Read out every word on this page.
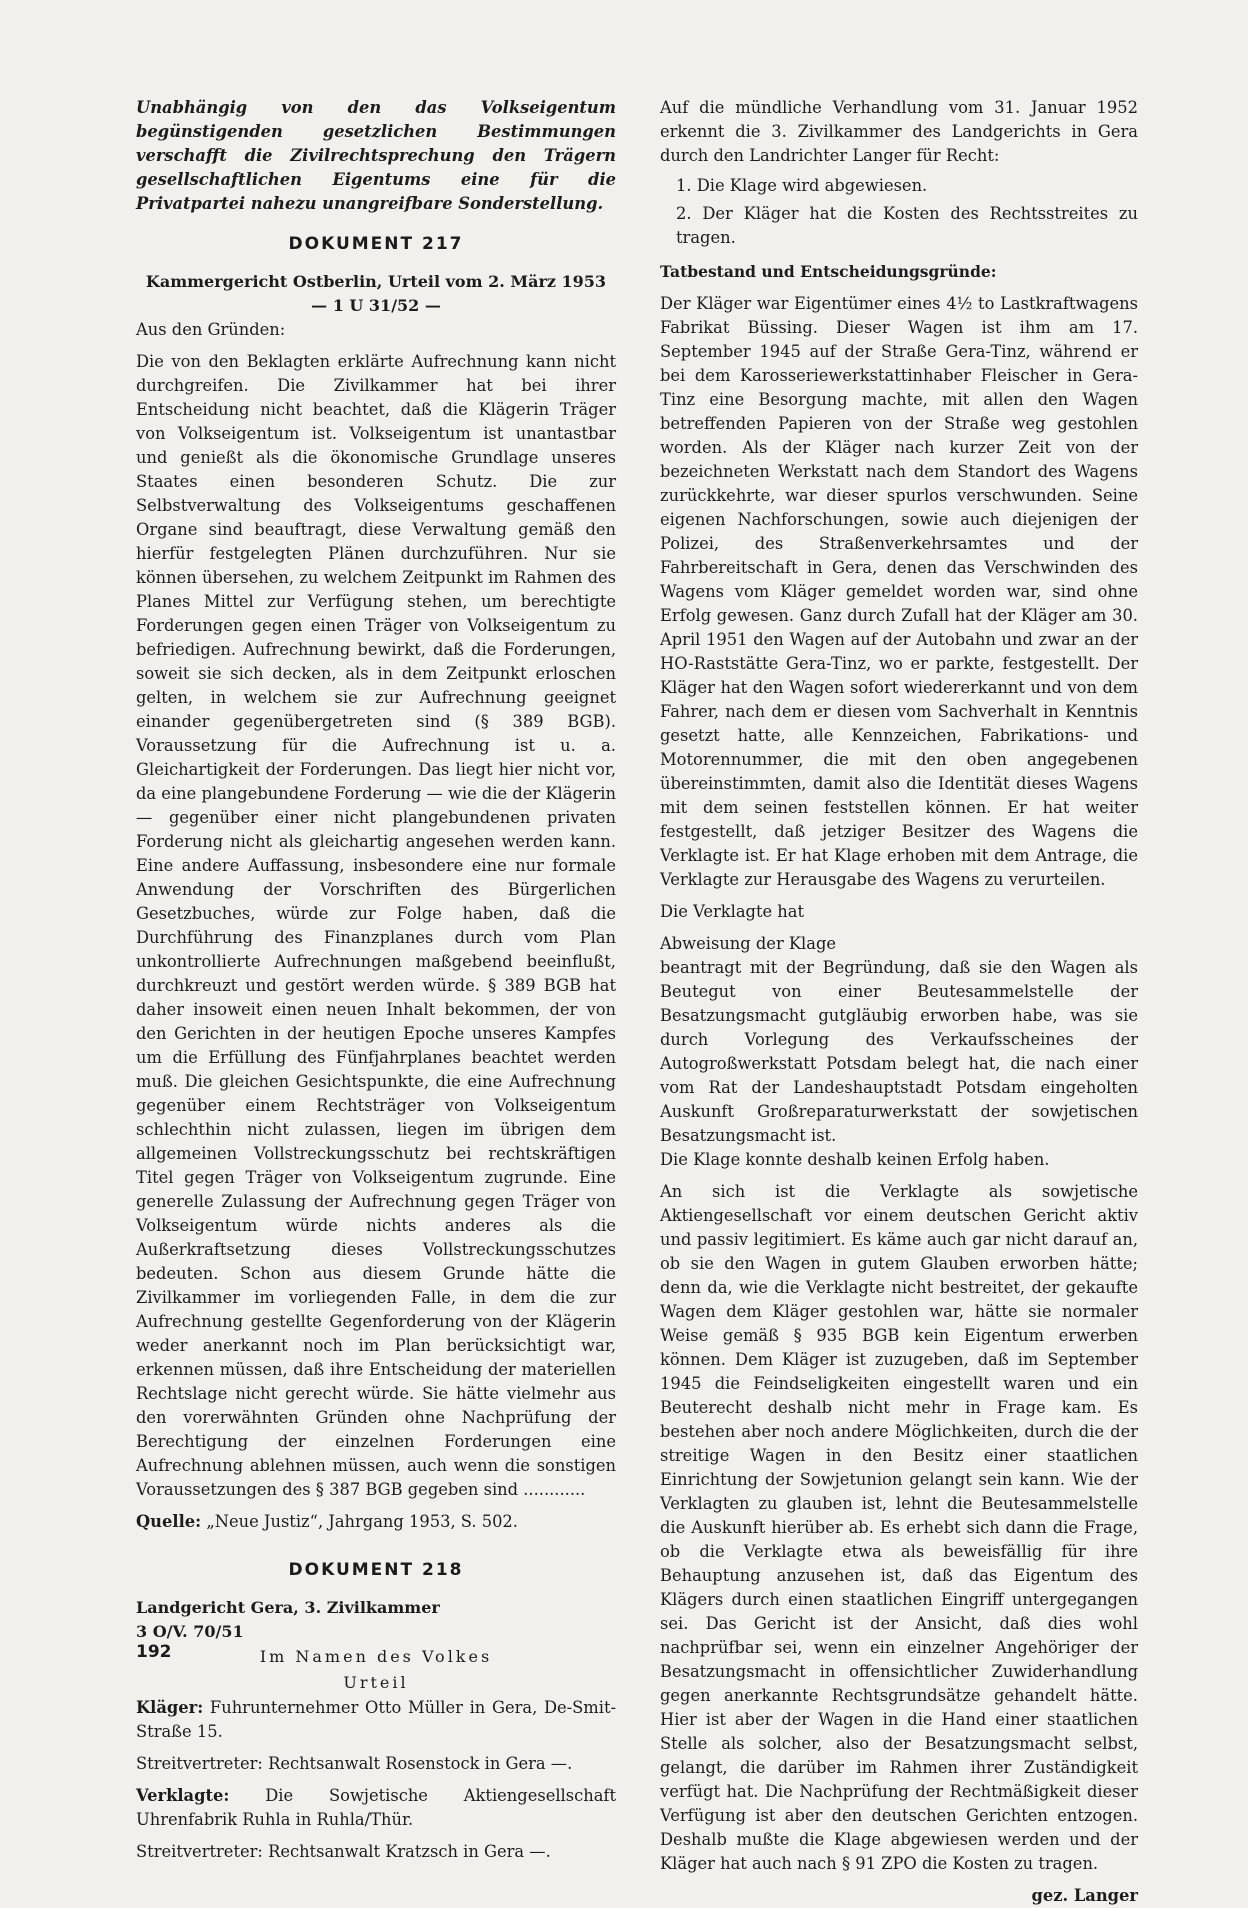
Unabhängig von den das Volkseigentum begünstigenden gesetzlichen Bestimmungen verschafft die Zivilrechtsprechung den Trägern gesellschaftlichen Eigentums eine für die Privatpartei nahezu unangreifbare Sonderstellung.

DOKUMENT 217
Kammergericht Ostberlin, Urteil vom 2. März 1953
— 1 U 31/52 —

Aus den Gründen:

Die von den Beklagten erklärte Aufrechnung kann nicht durchgreifen. Die Zivilkammer hat bei ihrer Entscheidung nicht beachtet, daß die Klägerin Träger von Volkseigentum ist. Volkseigentum ist unantastbar und genießt als die ökonomische Grundlage unseres Staates einen besonderen Schutz. Die zur Selbstverwaltung des Volkseigentums geschaffenen Organe sind beauftragt, diese Verwaltung gemäß den hierfür festgelegten Plänen durchzuführen. Nur sie können übersehen, zu welchem Zeitpunkt im Rahmen des Planes Mittel zur Verfügung stehen, um berechtigte Forderungen gegen einen Träger von Volkseigentum zu befriedigen. Aufrechnung bewirkt, daß die Forderungen, soweit sie sich decken, als in dem Zeitpunkt erloschen gelten, in welchem sie zur Aufrechnung geeignet einander gegenübergetreten sind (§ 389 BGB). Voraussetzung für die Aufrechnung ist u. a. Gleichartigkeit der Forderungen. Das liegt hier nicht vor, da eine plangebundene Forderung — wie die der Klägerin — gegenüber einer nicht plangebundenen privaten Forderung nicht als gleichartig angesehen werden kann. Eine andere Auffassung, insbesondere eine nur formale Anwendung der Vorschriften des Bürgerlichen Gesetzbuches, würde zur Folge haben, daß die Durchführung des Finanzplanes durch vom Plan unkontrollierte Aufrechnungen maßgebend beeinflußt, durchkreuzt und gestört werden würde. § 389 BGB hat daher insoweit einen neuen Inhalt bekommen, der von den Gerichten in der heutigen Epoche unseres Kampfes um die Erfüllung des Fünfjahrplanes beachtet werden muß. Die gleichen Gesichtspunkte, die eine Aufrechnung gegenüber einem Rechtsträger von Volkseigentum schlechthin nicht zulassen, liegen im übrigen dem allgemeinen Vollstreckungsschutz bei rechtskräftigen Titel gegen Träger von Volkseigentum zugrunde. Eine generelle Zulassung der Aufrechnung gegen Träger von Volkseigentum würde nichts anderes als die Außerkraftsetzung dieses Vollstreckungsschutzes bedeuten. Schon aus diesem Grunde hätte die Zivilkammer im vorliegenden Falle, in dem die zur Aufrechnung gestellte Gegenforderung von der Klägerin weder anerkannt noch im Plan berücksichtigt war, erkennen müssen, daß ihre Entscheidung der materiellen Rechtslage nicht gerecht würde. Sie hätte vielmehr aus den vorerwähnten Gründen ohne Nachprüfung der Berechtigung der einzelnen Forderungen eine Aufrechnung ablehnen müssen, auch wenn die sonstigen Voraussetzungen des § 387 BGB gegeben sind ............

Quelle: „Neue Justiz“, Jahrgang 1953, S. 502.

DOKUMENT 218
Landgericht Gera, 3. Zivilkammer
3 O/V. 70/51
Im Namen des Volkes
Urteil

Kläger: Fuhrunternehmer Otto Müller in Gera, De-Smit-Straße 15.

Streitvertreter: Rechtsanwalt Rosenstock in Gera —.

Verklagte: Die Sowjetische Aktiengesellschaft Uhrenfabrik Ruhla in Ruhla/Thür.

Streitvertreter: Rechtsanwalt Kratzsch in Gera —.

Auf die mündliche Verhandlung vom 31. Januar 1952 erkennt die 3. Zivilkammer des Landgerichts in Gera durch den Landrichter Langer für Recht:

1. Die Klage wird abgewiesen.

2. Der Kläger hat die Kosten des Rechtsstreites zu tragen.

Tatbestand und Entscheidungsgründe:

Der Kläger war Eigentümer eines 4½ to Lastkraftwagens Fabrikat Büssing. Dieser Wagen ist ihm am 17. September 1945 auf der Straße Gera-Tinz, während er bei dem Karosseriewerkstattinhaber Fleischer in Gera-Tinz eine Besorgung machte, mit allen den Wagen betreffenden Papieren von der Straße weg gestohlen worden. Als der Kläger nach kurzer Zeit von der bezeichneten Werkstatt nach dem Standort des Wagens zurückkehrte, war dieser spurlos verschwunden. Seine eigenen Nachforschungen, sowie auch diejenigen der Polizei, des Straßenverkehrsamtes und der Fahrbereitschaft in Gera, denen das Verschwinden des Wagens vom Kläger gemeldet worden war, sind ohne Erfolg gewesen. Ganz durch Zufall hat der Kläger am 30. April 1951 den Wagen auf der Autobahn und zwar an der HO-Raststätte Gera-Tinz, wo er parkte, festgestellt. Der Kläger hat den Wagen sofort wiedererkannt und von dem Fahrer, nach dem er diesen vom Sachverhalt in Kenntnis gesetzt hatte, alle Kennzeichen, Fabrikations- und Motorennummer, die mit den oben angegebenen übereinstimmten, damit also die Identität dieses Wagens mit dem seinen feststellen können. Er hat weiter festgestellt, daß jetziger Besitzer des Wagens die Verklagte ist. Er hat Klage erhoben mit dem Antrage, die Verklagte zur Herausgabe des Wagens zu verurteilen.

Die Verklagte hat

Abweisung der Klage

beantragt mit der Begründung, daß sie den Wagen als Beutegut von einer Beutesammelstelle der Besatzungsmacht gutgläubig erworben habe, was sie durch Vorlegung des Verkaufsscheines der Autogroßwerkstatt Potsdam belegt hat, die nach einer vom Rat der Landeshauptstadt Potsdam eingeholten Auskunft Großreparaturwerkstatt der sowjetischen Besatzungsmacht ist.

Die Klage konnte deshalb keinen Erfolg haben.

An sich ist die Verklagte als sowjetische Aktiengesellschaft vor einem deutschen Gericht aktiv und passiv legitimiert. Es käme auch gar nicht darauf an, ob sie den Wagen in gutem Glauben erworben hätte; denn da, wie die Verklagte nicht bestreitet, der gekaufte Wagen dem Kläger gestohlen war, hätte sie normaler Weise gemäß § 935 BGB kein Eigentum erwerben können. Dem Kläger ist zuzugeben, daß im September 1945 die Feindseligkeiten eingestellt waren und ein Beuterecht deshalb nicht mehr in Frage kam. Es bestehen aber noch andere Möglichkeiten, durch die der streitige Wagen in den Besitz einer staatlichen Einrichtung der Sowjetunion gelangt sein kann. Wie der Verklagten zu glauben ist, lehnt die Beutesammelstelle die Auskunft hierüber ab. Es erhebt sich dann die Frage, ob die Verklagte etwa als beweisfällig für ihre Behauptung anzusehen ist, daß das Eigentum des Klägers durch einen staatlichen Eingriff untergegangen sei. Das Gericht ist der Ansicht, daß dies wohl nachprüfbar sei, wenn ein einzelner Angehöriger der Besatzungsmacht in offensichtlicher Zuwiderhandlung gegen anerkannte Rechtsgrundsätze gehandelt hätte. Hier ist aber der Wagen in die Hand einer staatlichen Stelle als solcher, also der Besatzungsmacht selbst, gelangt, die darüber im Rahmen ihrer Zuständigkeit verfügt hat. Die Nachprüfung der Rechtmäßigkeit dieser Verfügung ist aber den deutschen Gerichten entzogen. Deshalb mußte die Klage abgewiesen werden und der Kläger hat auch nach § 91 ZPO die Kosten zu tragen.

gez. Langer

192
